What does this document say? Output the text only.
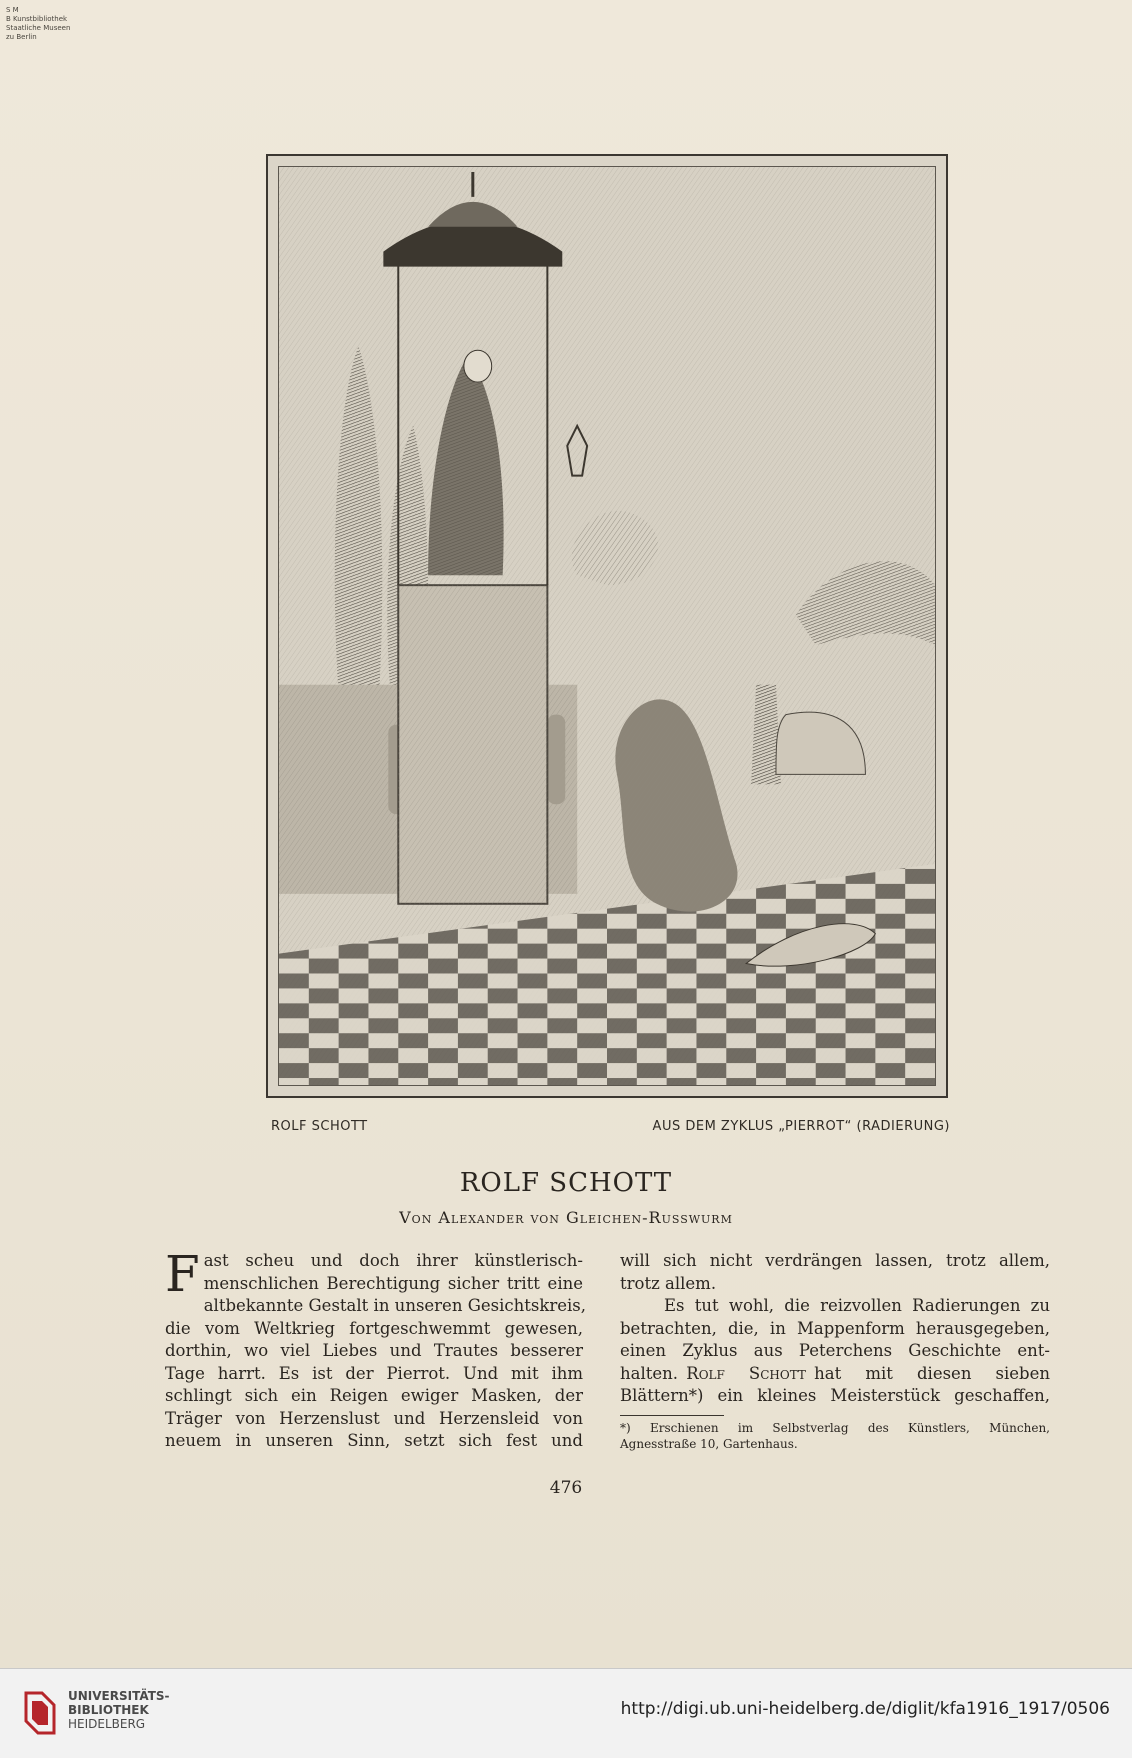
S M
B Kunstbibliothek
Staatliche Museen
zu Berlin
ROLF SCHOTT	AUS DEM ZYKLUS „PIERROT“ (RADIERUNG)
ROLF SCHOTT
Von Alexander von Gleichen-Russwurm
F ast scheu und doch ihrer künstlerisch-
menschlichen Berechtigung sicher tritt eine
altbekannte Gestalt in unseren Gesichtskreis,
die vom Weltkrieg fortgeschwemmt gewesen,
dorthin, wo viel Liebes und Trautes besserer
Tage harrt. Es ist der Pierrot. Und mit ihm
schlingt sich ein Reigen ewiger Masken, der
Träger von Herzenslust und Herzensleid von
neuem in unseren Sinn, setzt sich fest und
will sich nicht verdrängen lassen, trotz allem,
trotz allem.
Es tut wohl, die reizvollen Radierungen zu
betrachten, die, in Mappenform herausgegeben,
einen Zyklus aus Peterchens Geschichte ent-
halten.  Rolf Schott  hat mit diesen sieben
Blättern*) ein kleines Meisterstück geschaffen,
*) Erschienen im Selbstverlag des Künstlers, München,
Agnesstraße 10, Gartenhaus.
476
UNIVERSITÄTS-
BIBLIOTHEK
HEIDELBERG
http://digi.ub.uni-heidelberg.de/diglit/kfa1916_1917/0506
